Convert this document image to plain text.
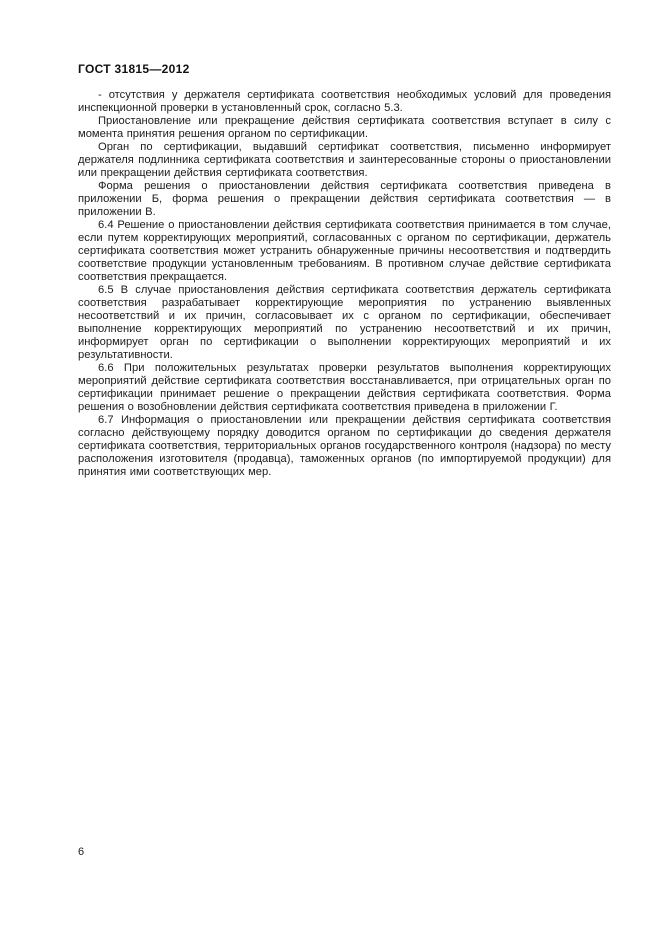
ГОСТ 31815—2012

- отсутствия у держателя сертификата соответствия необходимых условий для проведения инспекционной проверки в установленный срок, согласно 5.3.

Приостановление или прекращение действия сертификата соответствия вступает в силу с момента принятия решения органом по сертификации.

Орган по сертификации, выдавший сертификат соответствия, письменно информирует держателя подлинника сертификата соответствия и заинтересованные стороны о приостановлении или прекращении действия сертификата соответствия.

Форма решения о приостановлении действия сертификата соответствия приведена в приложении Б, форма решения о прекращении действия сертификата соответствия — в приложении В.

6.4 Решение о приостановлении действия сертификата соответствия принимается в том случае, если путем корректирующих мероприятий, согласованных с органом по сертификации, держатель сертификата соответствия может устранить обнаруженные причины несоответствия и подтвердить соответствие продукции установленным требованиям. В противном случае действие сертификата соответствия прекращается.

6.5 В случае приостановления действия сертификата соответствия держатель сертификата соответствия разрабатывает корректирующие мероприятия по устранению выявленных несоответствий и их причин, согласовывает их с органом по сертификации, обеспечивает выполнение корректирующих мероприятий по устранению несоответствий и их причин, информирует орган по сертификации о выполнении корректирующих мероприятий и их результативности.

6.6 При положительных результатах проверки результатов выполнения корректирующих мероприятий действие сертификата соответствия восстанавливается, при отрицательных орган по сертификации принимает решение о прекращении действия сертификата соответствия. Форма решения о возобновлении действия сертификата соответствия приведена в приложении Г.

6.7 Информация о приостановлении или прекращении действия сертификата соответствия согласно действующему порядку доводится органом по сертификации до сведения держателя сертификата соответствия, территориальных органов государственного контроля (надзора) по месту расположения изготовителя (продавца), таможенных органов (по импортируемой продукции) для принятия ими соответствующих мер.

6
